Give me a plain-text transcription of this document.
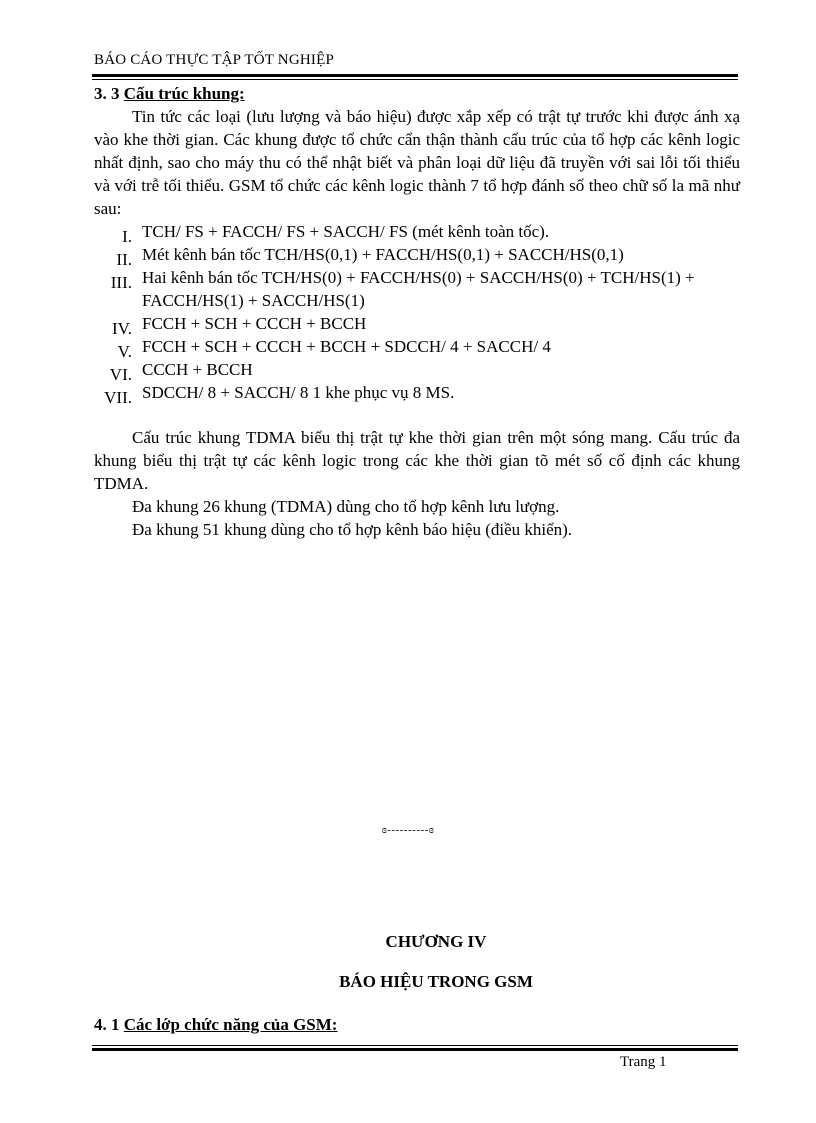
BÁO CÁO THỰC TẬP TỐT NGHIỆP

3. 3 Cấu trúc khung:

Tin tức các loại (lưu lượng và báo hiệu) được xắp xếp có trật tự trước khi được ánh xạ vào khe thời gian. Các khung được tổ chức cẩn thận thành cấu trúc của tổ hợp các kênh logic nhất định, sao cho máy thu có thể nhật biết và phân loại dữ liệu đã truyền với sai lỗi tối thiểu và với trễ tối thiểu. GSM tổ chức các kênh logic thành 7 tổ hợp đánh số theo chữ số la mã như sau:

I. TCH/ FS + FACCH/ FS + SACCH/ FS (mét kênh toàn tốc).
II. Mét kênh bán tốc TCH/HS(0,1) + FACCH/HS(0,1) + SACCH/HS(0,1)
III. Hai kênh bán tốc TCH/HS(0) + FACCH/HS(0) + SACCH/HS(0) + TCH/HS(1) + FACCH/HS(1) + SACCH/HS(1)
IV. FCCH + SCH + CCCH + BCCH
V. FCCH + SCH + CCCH + BCCH + SDCCH/ 4 + SACCH/ 4
VI. CCCH + BCCH
VII. SDCCH/ 8 + SACCH/ 8 1 khe phục vụ 8 MS.

Cấu trúc khung TDMA biểu thị trật tự khe thời gian trên một sóng mang. Cấu trúc đa khung biểu thị trật tự các kênh logic trong các khe thời gian tõ mét số cố định các khung TDMA.

Đa khung 26 khung (TDMA) dùng cho tổ hợp kênh lưu lượng.

Đa khung 51 khung dùng cho tổ hợp kênh báo hiệu (điều khiển).

ɞ----------ɞ
CHƯƠNG IV
BÁO HIỆU TRONG GSM
4. 1 Các lớp chức năng của GSM:
Trang 1
